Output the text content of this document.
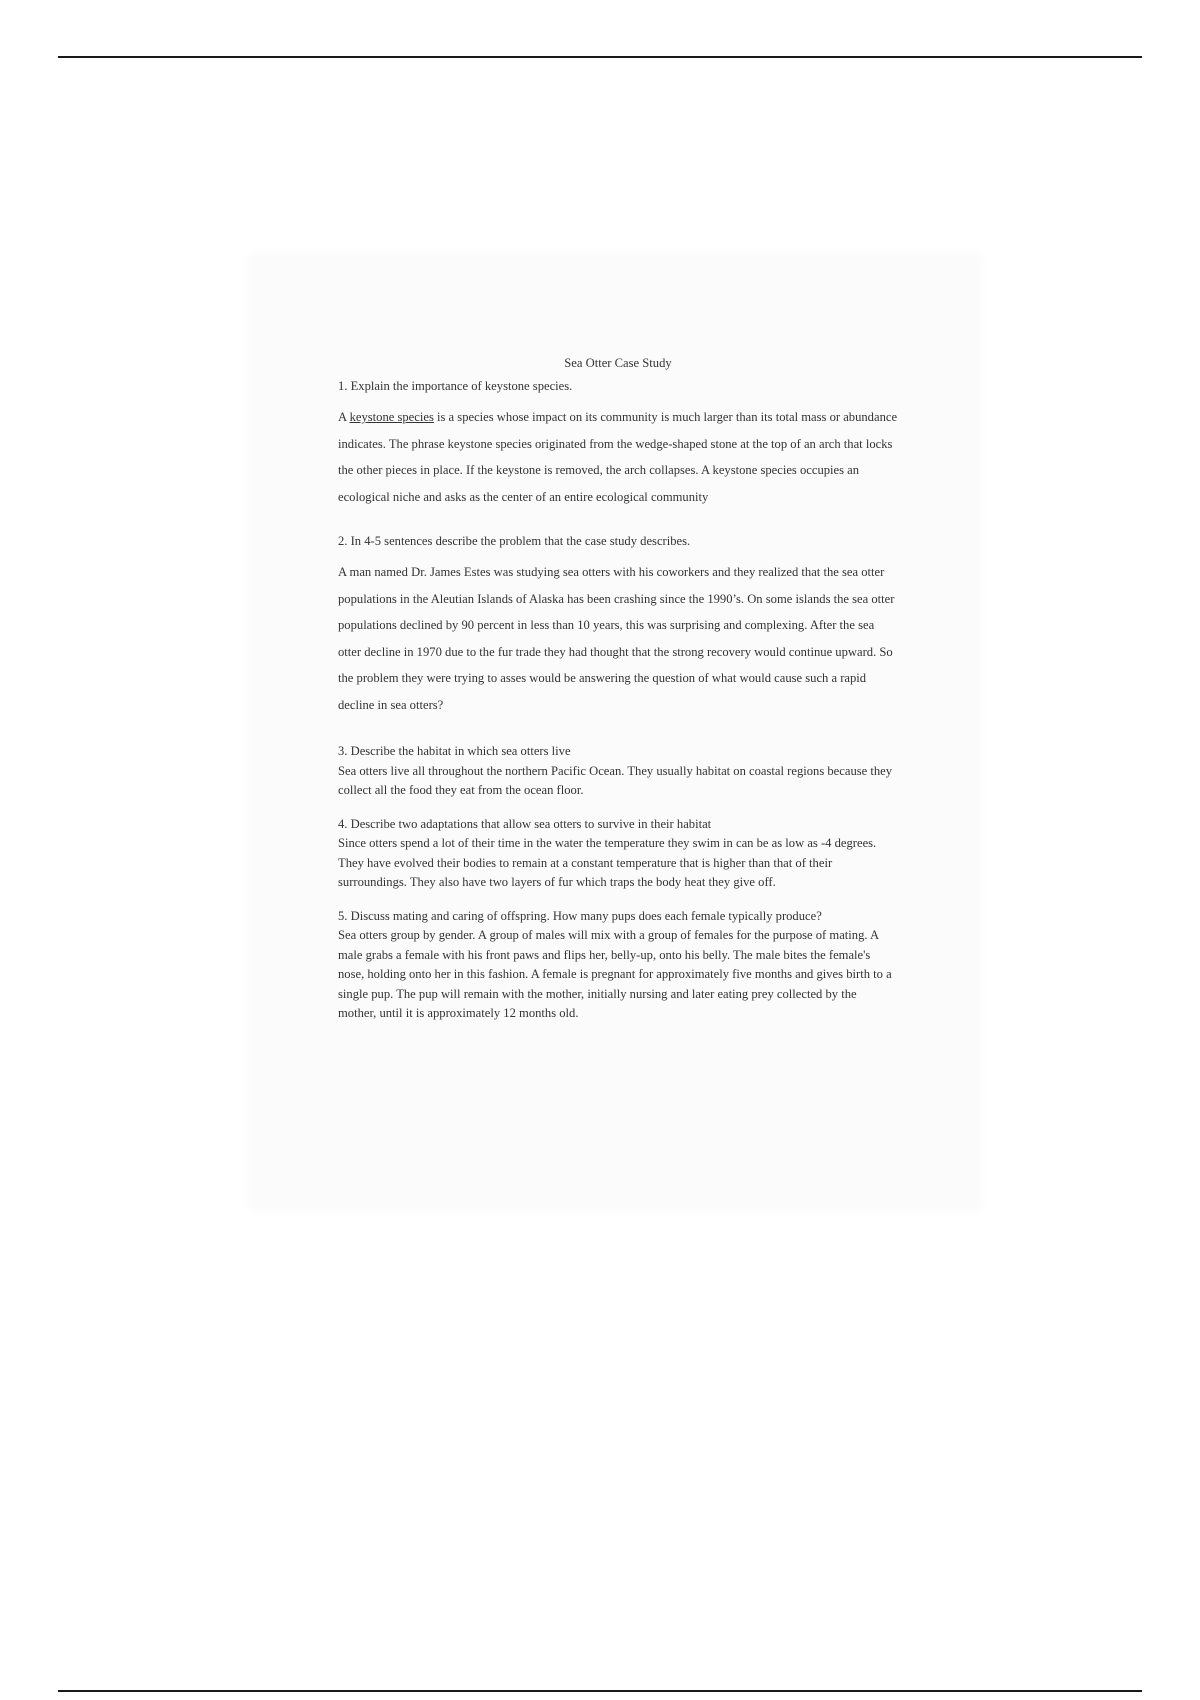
Sea Otter Case Study
1. Explain the importance of keystone species.

A keystone species is a species whose impact on its community is much larger than its total mass or abundance indicates. The phrase keystone species originated from the wedge-shaped stone at the top of an arch that locks the other pieces in place. If the keystone is removed, the arch collapses. A keystone species occupies an ecological niche and asks as the center of an entire ecological community

2. In 4-5 sentences describe the problem that the case study describes.

A man named Dr. James Estes was studying sea otters with his coworkers and they realized that the sea otter populations in the Aleutian Islands of Alaska has been crashing since the 1990’s. On some islands the sea otter populations declined by 90 percent in less than 10 years, this was surprising and complexing. After the sea otter decline in 1970 due to the fur trade they had thought that the strong recovery would continue upward. So the problem they were trying to asses would be answering the question of what would cause such a rapid decline in sea otters?

3. Describe the habitat in which sea otters live

Sea otters live all throughout the northern Pacific Ocean. They usually habitat on coastal regions because they collect all the food they eat from the ocean floor.

4. Describe two adaptations that allow sea otters to survive in their habitat

Since otters spend a lot of their time in the water the temperature they swim in can be as low as -4 degrees. They have evolved their bodies to remain at a constant temperature that is higher than that of their surroundings. They also have two layers of fur which traps the body heat they give off.

5. Discuss mating and caring of offspring. How many pups does each female typically produce?

Sea otters group by gender. A group of males will mix with a group of females for the purpose of mating. A male grabs a female with his front paws and flips her, belly-up, onto his belly. The male bites the female's nose, holding onto her in this fashion. A female is pregnant for approximately five months and gives birth to a single pup. The pup will remain with the mother, initially nursing and later eating prey collected by the mother, until it is approximately 12 months old.
